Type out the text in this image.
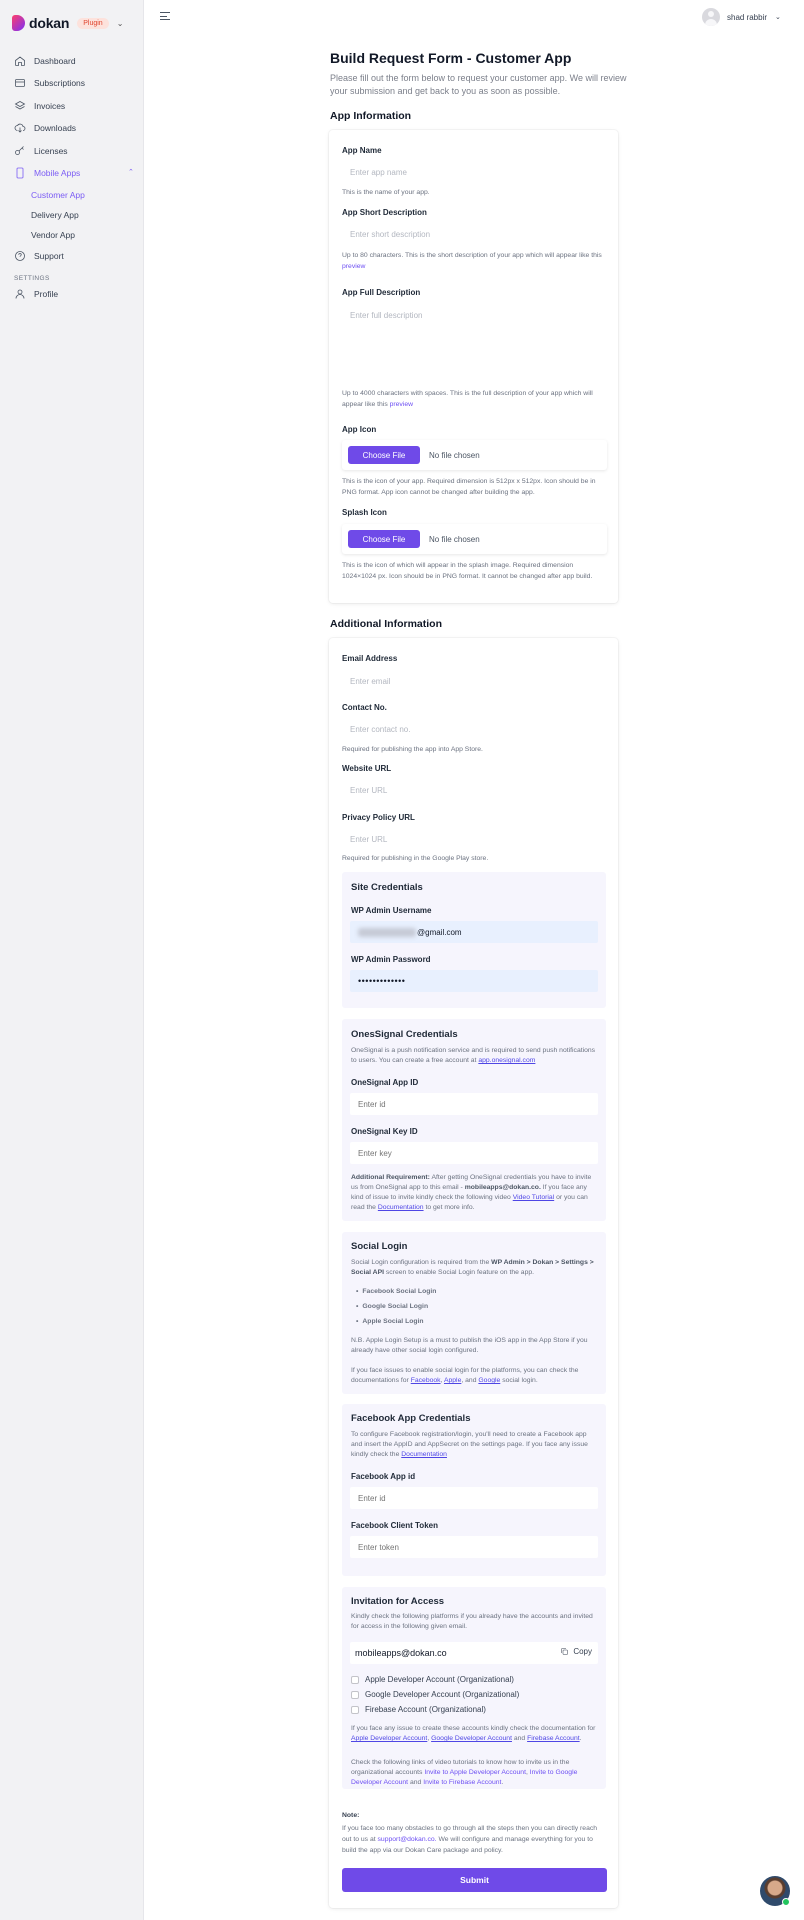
dokan	Plugin	⌄
Dashboard
Subscriptions
Invoices
Downloads
Licenses
Mobile Apps	⌃
Customer App
Delivery App
Vendor App
Support
SETTINGS
Profile
shad rabbir ⌄
Build Request Form - Customer App

Please fill out the form below to request your customer app. We will review your submission and get back to you as soon as possible.

App Information
App Name
Enter app name
This is the name of your app.
App Short Description
Enter short description

Up to 80 characters. This is the short description of your app which will appear like this preview

App Full Description
Enter full description

Up to 4000 characters with spaces. This is the full description of your app which will appear like this preview

App Icon
Choose File	No file chosen

This is the icon of your app. Required dimension is 512px x 512px. Icon should be in PNG format. App icon cannot be changed after building the app.

Splash Icon
Choose File	No file chosen

This is the icon of which will appear in the splash image. Required dimension 1024×1024 px. Icon should be in PNG format. It cannot be changed after app build.

Additional Information
Email Address
Enter email
Contact No.
Enter contact no.
Required for publishing the app into App Store.
Website URL
Enter URL
Privacy Policy URL
Enter URL
Required for publishing in the Google Play store.
Site Credentials
WP Admin Username
@gmail.com
WP Admin Password
•••••••••••••
OnesSignal Credentials

OneSignal is a push notification service and is required to send push notifications to users. You can create a free account at app.onesignal.com

OneSignal App ID
Enter id
OneSignal Key ID
Enter key

Additional Requirement: After getting OneSignal credentials you have to invite us from OneSignal app to this email - mobileapps@dokan.co. If you face any kind of issue to invite kindly check the following video Video Tutorial or you can read the Documentation to get more info.

Social Login

Social Login configuration is required from the WP Admin > Dokan > Settings > Social API screen to enable Social Login feature on the app.

• Facebook Social Login
• Google Social Login
• Apple Social Login

N.B. Apple Login Setup is a must to publish the iOS app in the App Store if you already have other social login configured.

If you face issues to enable social login for the platforms, you can check the documentations for Facebook, Apple, and Google social login.

Facebook App Credentials

To configure Facebook registration/login, you'll need to create a Facebook app and insert the AppID and AppSecret on the settings page. If you face any issue kindly check the Documentation

Facebook App id
Enter id
Facebook Client Token
Enter token
Invitation for Access

Kindly check the following platforms if you already have the accounts and invited for access in the following given email.

mobileapps@dokan.co	Copy
Apple Developer Account (Organizational)
Google Developer Account (Organizational)
Firebase Account (Organizational)

If you face any issue to create these accounts kindly check the documentation for Apple Developer Account, Google Developer Account and Firebase Account.

Check the following links of video tutorials to know how to invite us in the organizational accounts Invite to Apple Developer Account, Invite to Google Developer Account and Invite to Firebase Account.

Note:

If you face too many obstacles to go through all the steps then you can directly reach out to us at support@dokan.co. We will configure and manage everything for you to build the app via our Dokan Care package and policy.

Submit
